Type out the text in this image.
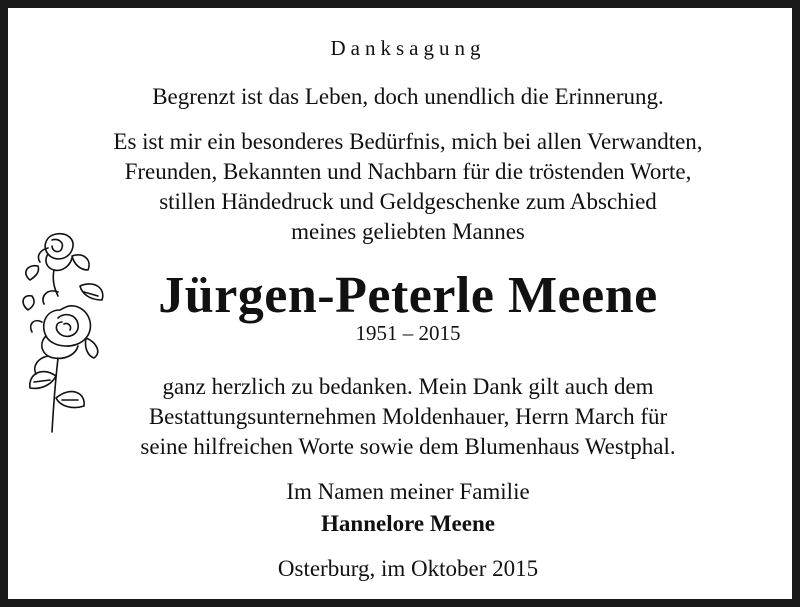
Danksagung
Begrenzt ist das Leben, doch unendlich die Erinnerung.
Es ist mir ein besonderes Bedürfnis, mich bei allen Verwandten,
Freunden, Bekannten und Nachbarn für die tröstenden Worte,
stillen Händedruck und Geldgeschenke zum Abschied
meines geliebten Mannes
Jürgen-Peterle Meene
1951 – 2015
ganz herzlich zu bedanken. Mein Dank gilt auch dem
Bestattungsunternehmen Moldenhauer, Herrn March für
seine hilfreichen Worte sowie dem Blumenhaus Westphal.
Im Namen meiner Familie
Hannelore Meene
Osterburg, im Oktober 2015
